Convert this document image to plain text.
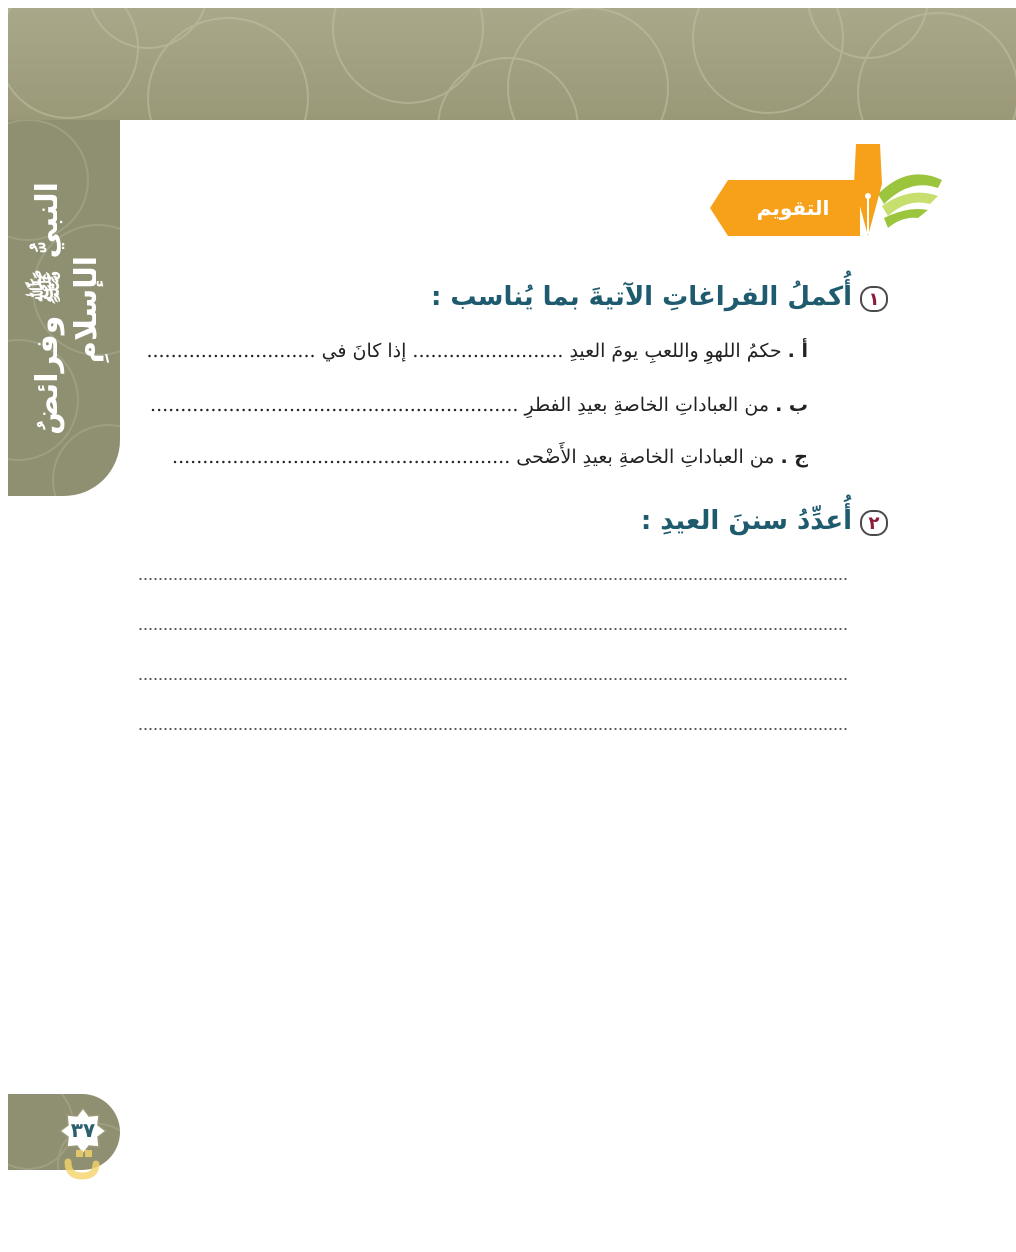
النبيُّ ﷺ وفرائضُ الإسلامِ
التقويم
١
أُكملُ الفراغاتِ الآتيةَ بما يُناسب :
أ . حكمُ اللهوِ واللعبِ يومَ العيدِ ......................... إذا كانَ في ............................
ب . من العباداتِ الخاصةِ بعيدِ الفطرِ .............................................................
ج . من العباداتِ الخاصةِ بعيدِ الأَضْحى ........................................................
٢
أُعدِّدُ سننَ العيدِ :
٣٧
